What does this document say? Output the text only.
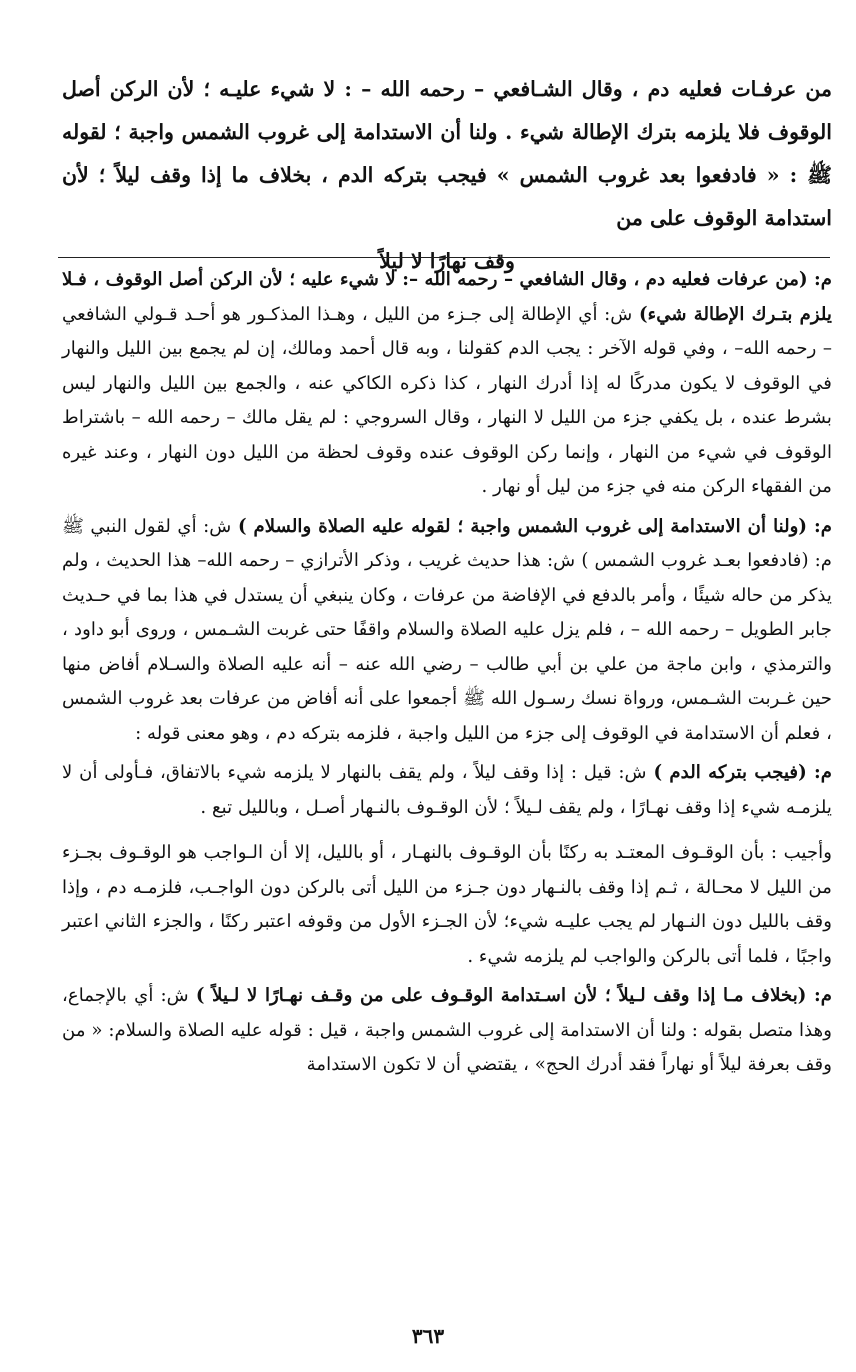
من عرفـات فعليه دم ، وقال الشـافعي – رحمه الله – : لا شيء عليـه ؛ لأن الركن أصل الوقوف فلا يلزمه بترك الإطالة شيء . ولنا أن الاستدامة إلى غروب الشمس واجبة ؛ لقوله ﷺ : « فادفعوا بعد غروب الشمس » فيجب بتركه الدم ، بخلاف ما إذا وقف ليلاً ؛ لأن استدامة الوقوف على من
وقف نهارًا لا ليلاً

م: (من عرفات فعليه دم ، وقال الشافعي – رحمه الله –: لا شيء عليه ؛ لأن الركن أصل الوقوف ، فـلا يلزم بتـرك الإطالة شيء) ش: أي الإطالة إلى جـزء من الليل ، وهـذا المذكـور هو أحـد قـولي الشافعي – رحمه الله– ، وفي قوله الآخر : يجب الدم كقولنا ، وبه قال أحمد ومالك، إن لم يجمع بين الليل والنهار في الوقوف لا يكون مدركًا له إذا أدرك النهار ، كذا ذكره الكاكي عنه ، والجمع بين الليل والنهار ليس بشرط عنده ، بل يكفي جزء من الليل لا النهار ، وقال السروجي : لم يقل مالك – رحمه الله – باشتراط الوقوف في شيء من النهار ، وإنما ركن الوقوف عنده وقوف لحظة من الليل دون النهار ، وعند غيره من الفقهاء الركن منه في جزء من ليل أو نهار .

م: (ولنا أن الاستدامة إلى غروب الشمس واجبة ؛ لقوله عليه الصلاة والسلام ) ش: أي لقول النبي ﷺ م: (فادفعوا بعـد غروب الشمس ) ش: هذا حديث غريب ، وذكر الأترازي – رحمه الله– هذا الحديث ، ولم يذكر من حاله شيئًا ، وأمر بالدفع في الإفاضة من عرفات ، وكان ينبغي أن يستدل في هذا بما في حـديث جابر الطويل – رحمه الله – ، فلم يزل عليه الصلاة والسلام واقفًا حتى غربت الشـمس ، وروى أبو داود ، والترمذي ، وابن ماجة من علي بن أبي طالب – رضي الله عنه – أنه عليه الصلاة والسـلام أفاض منها حين غـربت الشـمس، ورواة نسك رسـول الله ﷺ أجمعوا على أنه أفاض من عرفات بعد غروب الشمس ، فعلم أن الاستدامة في الوقوف إلى جزء من الليل واجبة ، فلزمه بتركه دم ، وهو معنى قوله :

م: (فيجب بتركه الدم ) ش: قيل : إذا وقف ليلاً ، ولم يقف بالنهار لا يلزمه شيء بالاتفاق، فـأولى أن لا يلزمـه شيء إذا وقف نهـارًا ، ولم يقف لـيلاً ؛ لأن الوقـوف بالنـهار أصـل ، وبالليل تبع .

وأجيب : بأن الوقـوف المعتـد به ركنًا بأن الوقـوف بالنهـار ، أو بالليل، إلا أن الـواجب هو الوقـوف بجـزء من الليل لا محـالة ، ثـم إذا وقف بالنـهار دون جـزء من الليل أتى بالركن دون الواجـب، فلزمـه دم ، وإذا وقف بالليل دون النـهار لم يجب عليـه شيء؛ لأن الجـزء الأول من وقوفه اعتبر ركنًا ، والجزء الثاني اعتبر واجبًا ، فلما أتى بالركن والواجب لم يلزمه شيء .

م: (بخلاف مـا إذا وقف لـيلاً ؛ لأن اسـتدامة الوقـوف على من وقـف نهـارًا لا لـيلاً ) ش: أي بالإجماع، وهذا متصل بقوله : ولنا أن الاستدامة إلى غروب الشمس واجبة ، قيل : قوله عليه الصلاة والسلام: « من وقف بعرفة ليلاً أو نهاراً فقد أدرك الحج» ، يقتضي أن لا تكون الاستدامة

٣٦٣
